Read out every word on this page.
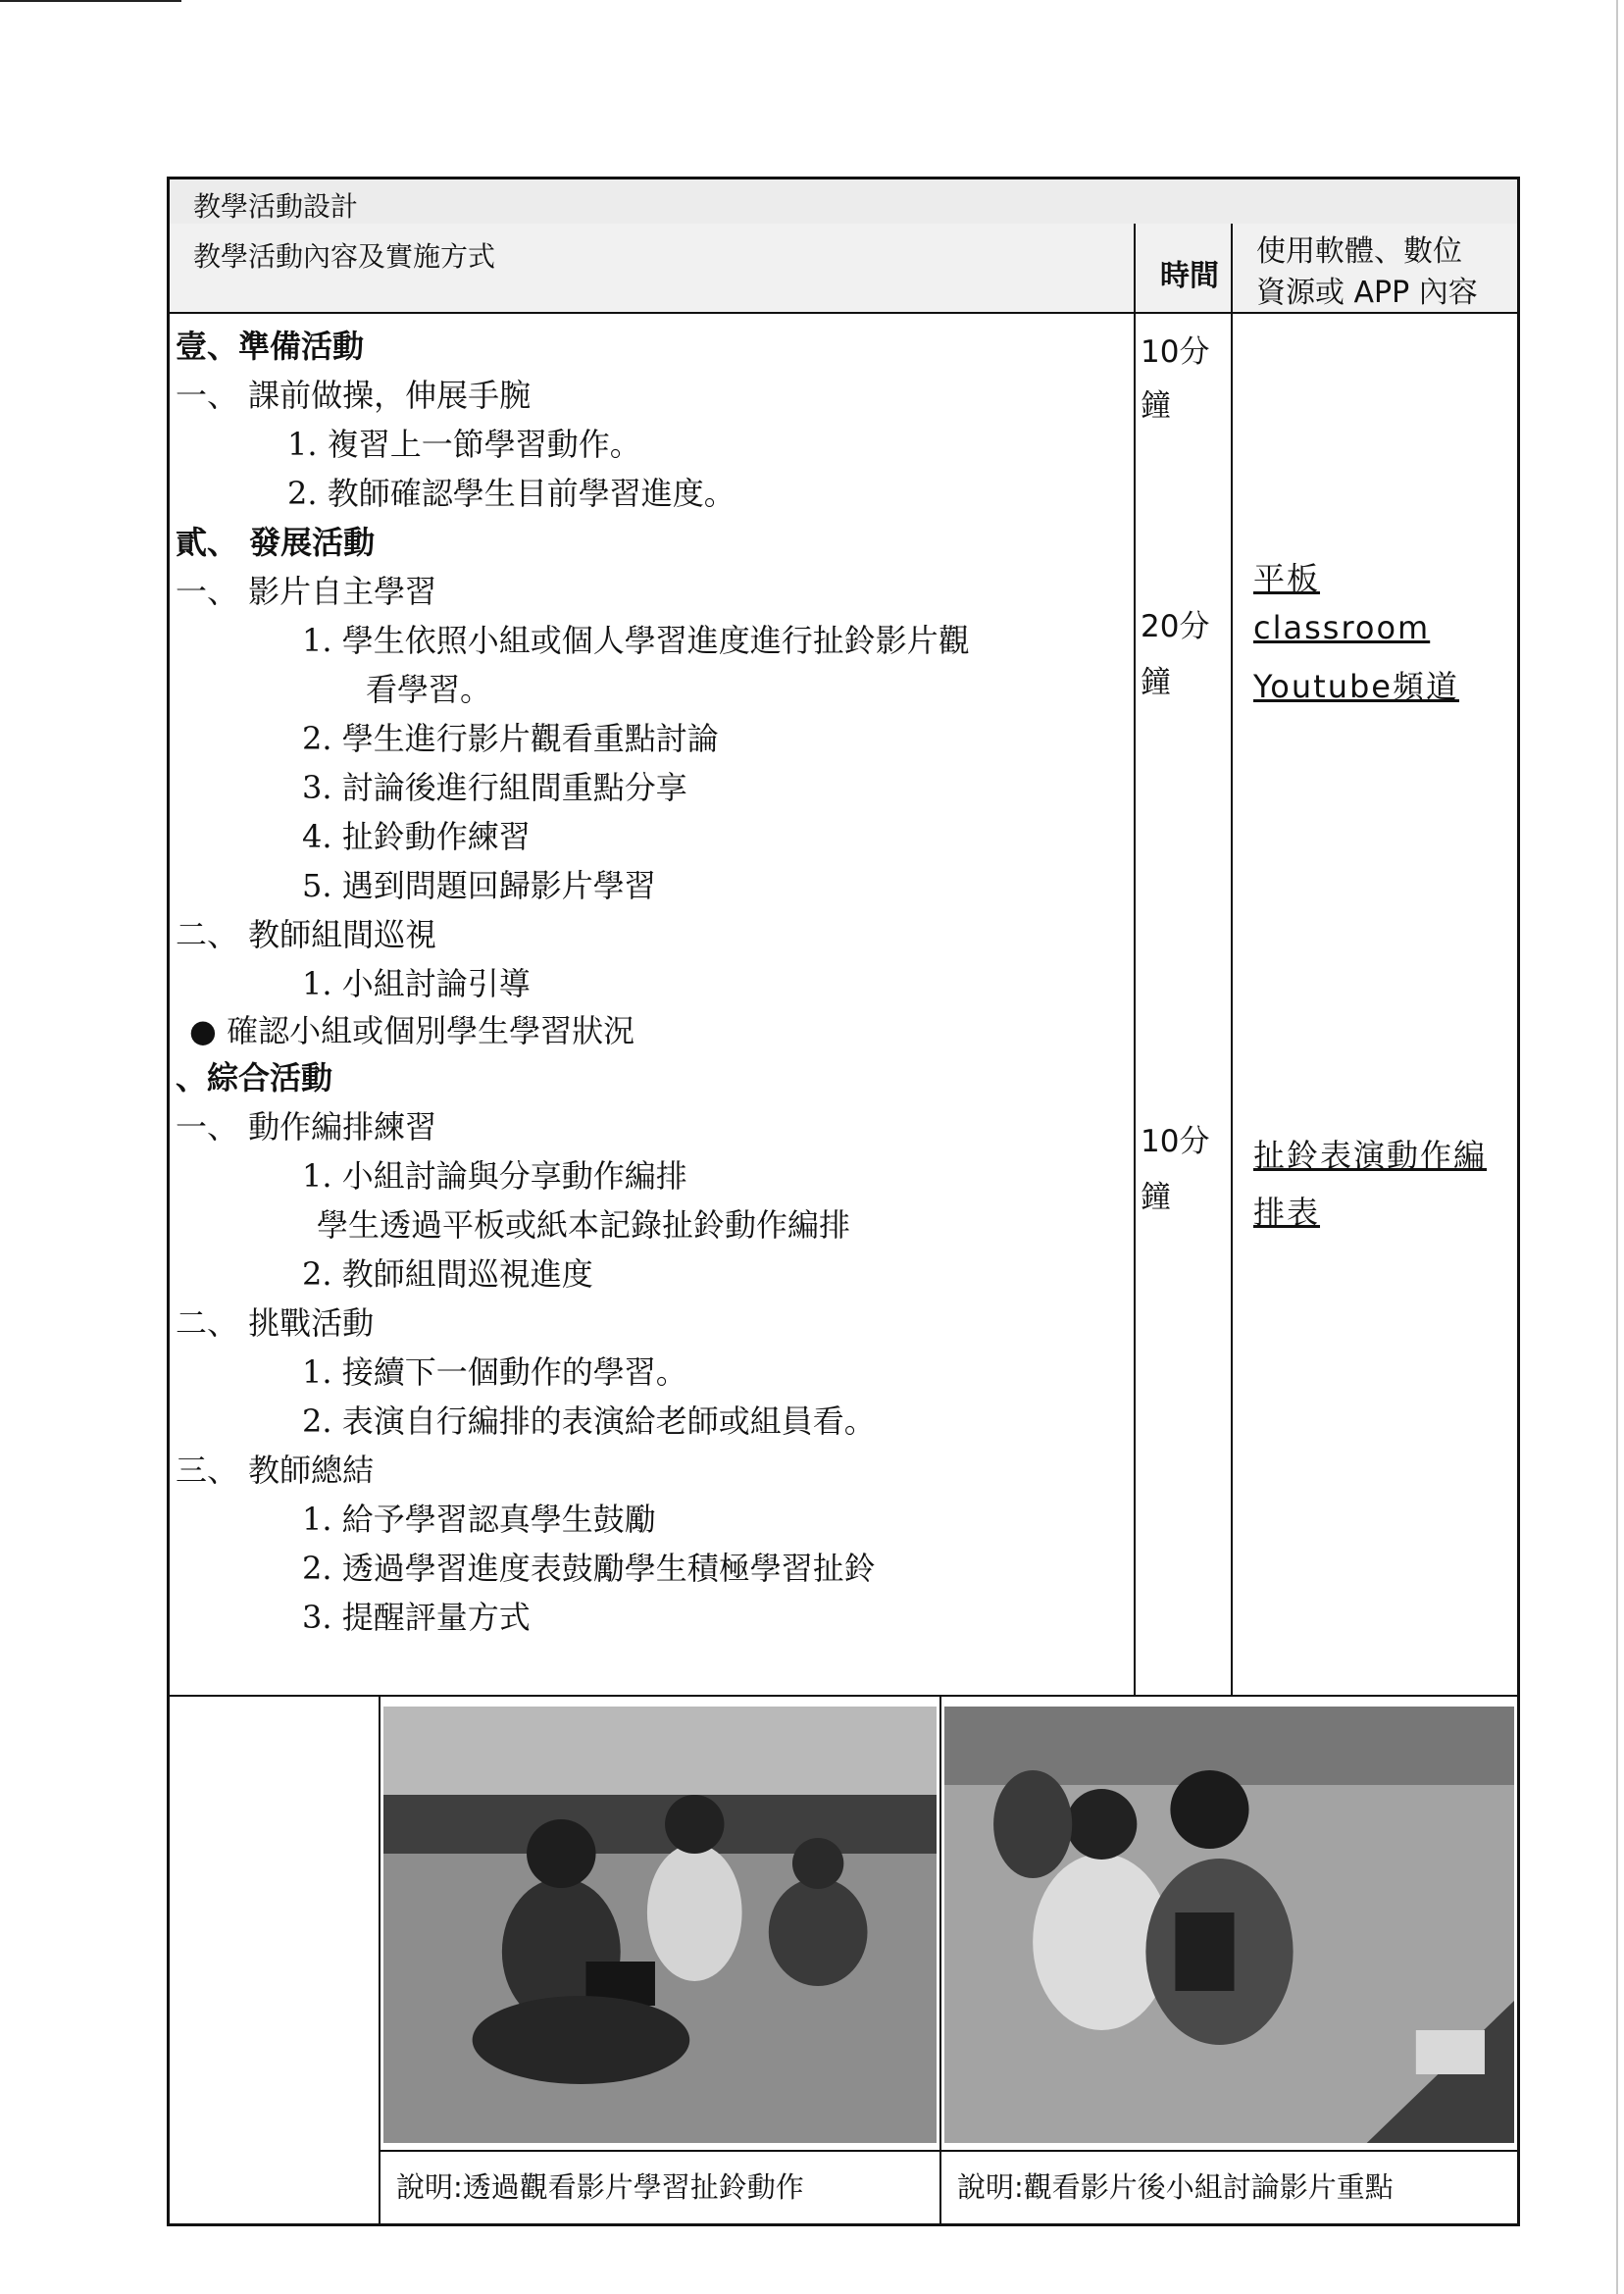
教學活動設計
教學活動內容及實施方式
時間
使用軟體、數位
資源或 APP 內容
壹、準備活動
一、 課前做操，伸展手腕
1. 複習上一節學習動作。
2. 教師確認學生目前學習進度。
貳、 發展活動
一、 影片自主學習
1. 學生依照小組或個人學習進度進行扯鈴影片觀
看學習。
2. 學生進行影片觀看重點討論
3. 討論後進行組間重點分享
4. 扯鈴動作練習
5. 遇到問題回歸影片學習
二、 教師組間巡視
1. 小組討論引導
● 確認小組或個別學生學習狀況
、綜合活動
一、 動作編排練習
1. 小組討論與分享動作編排
學生透過平板或紙本記錄扯鈴動作編排
2. 教師組間巡視進度
二、 挑戰活動
1. 接續下一個動作的學習。
2. 表演自行編排的表演給老師或組員看。
三、 教師總結
1. 給予學習認真學生鼓勵
2. 透過學習進度表鼓勵學生積極學習扯鈴
3. 提醒評量方式
10分
鐘
20分
鐘
10分
鐘
平板
classroom
Youtube頻道
扯鈴表演動作編
排表
說明:透過觀看影片學習扯鈴動作	說明:觀看影片後小組討論影片重點
